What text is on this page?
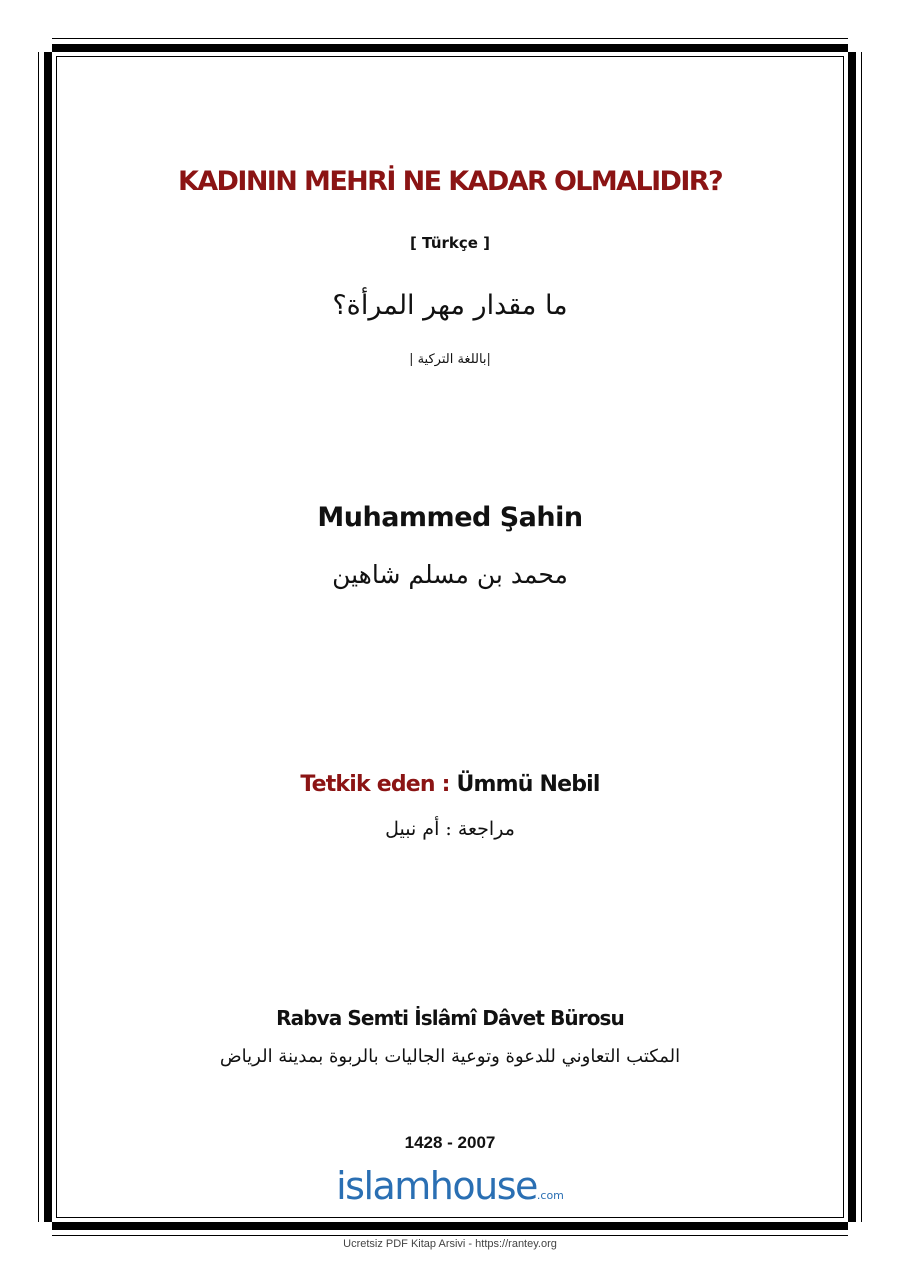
KADININ MEHRİ NE KADAR OLMALIDIR?
[ Türkçe ]
ما مقدار مهر المرأة؟
|باللغة التركية |
Muhammed Şahin
محمد بن مسلم شاهين
Tetkik eden : Ümmü Nebil
مراجعة : أم نبيل
Rabva Semti İslâmî Dâvet Bürosu
المكتب التعاوني للدعوة وتوعية الجاليات بالربوة بمدينة الرياض
1428 - 2007
islamhouse.com
Ucretsiz PDF Kitap Arsivi - https://rantey.org
